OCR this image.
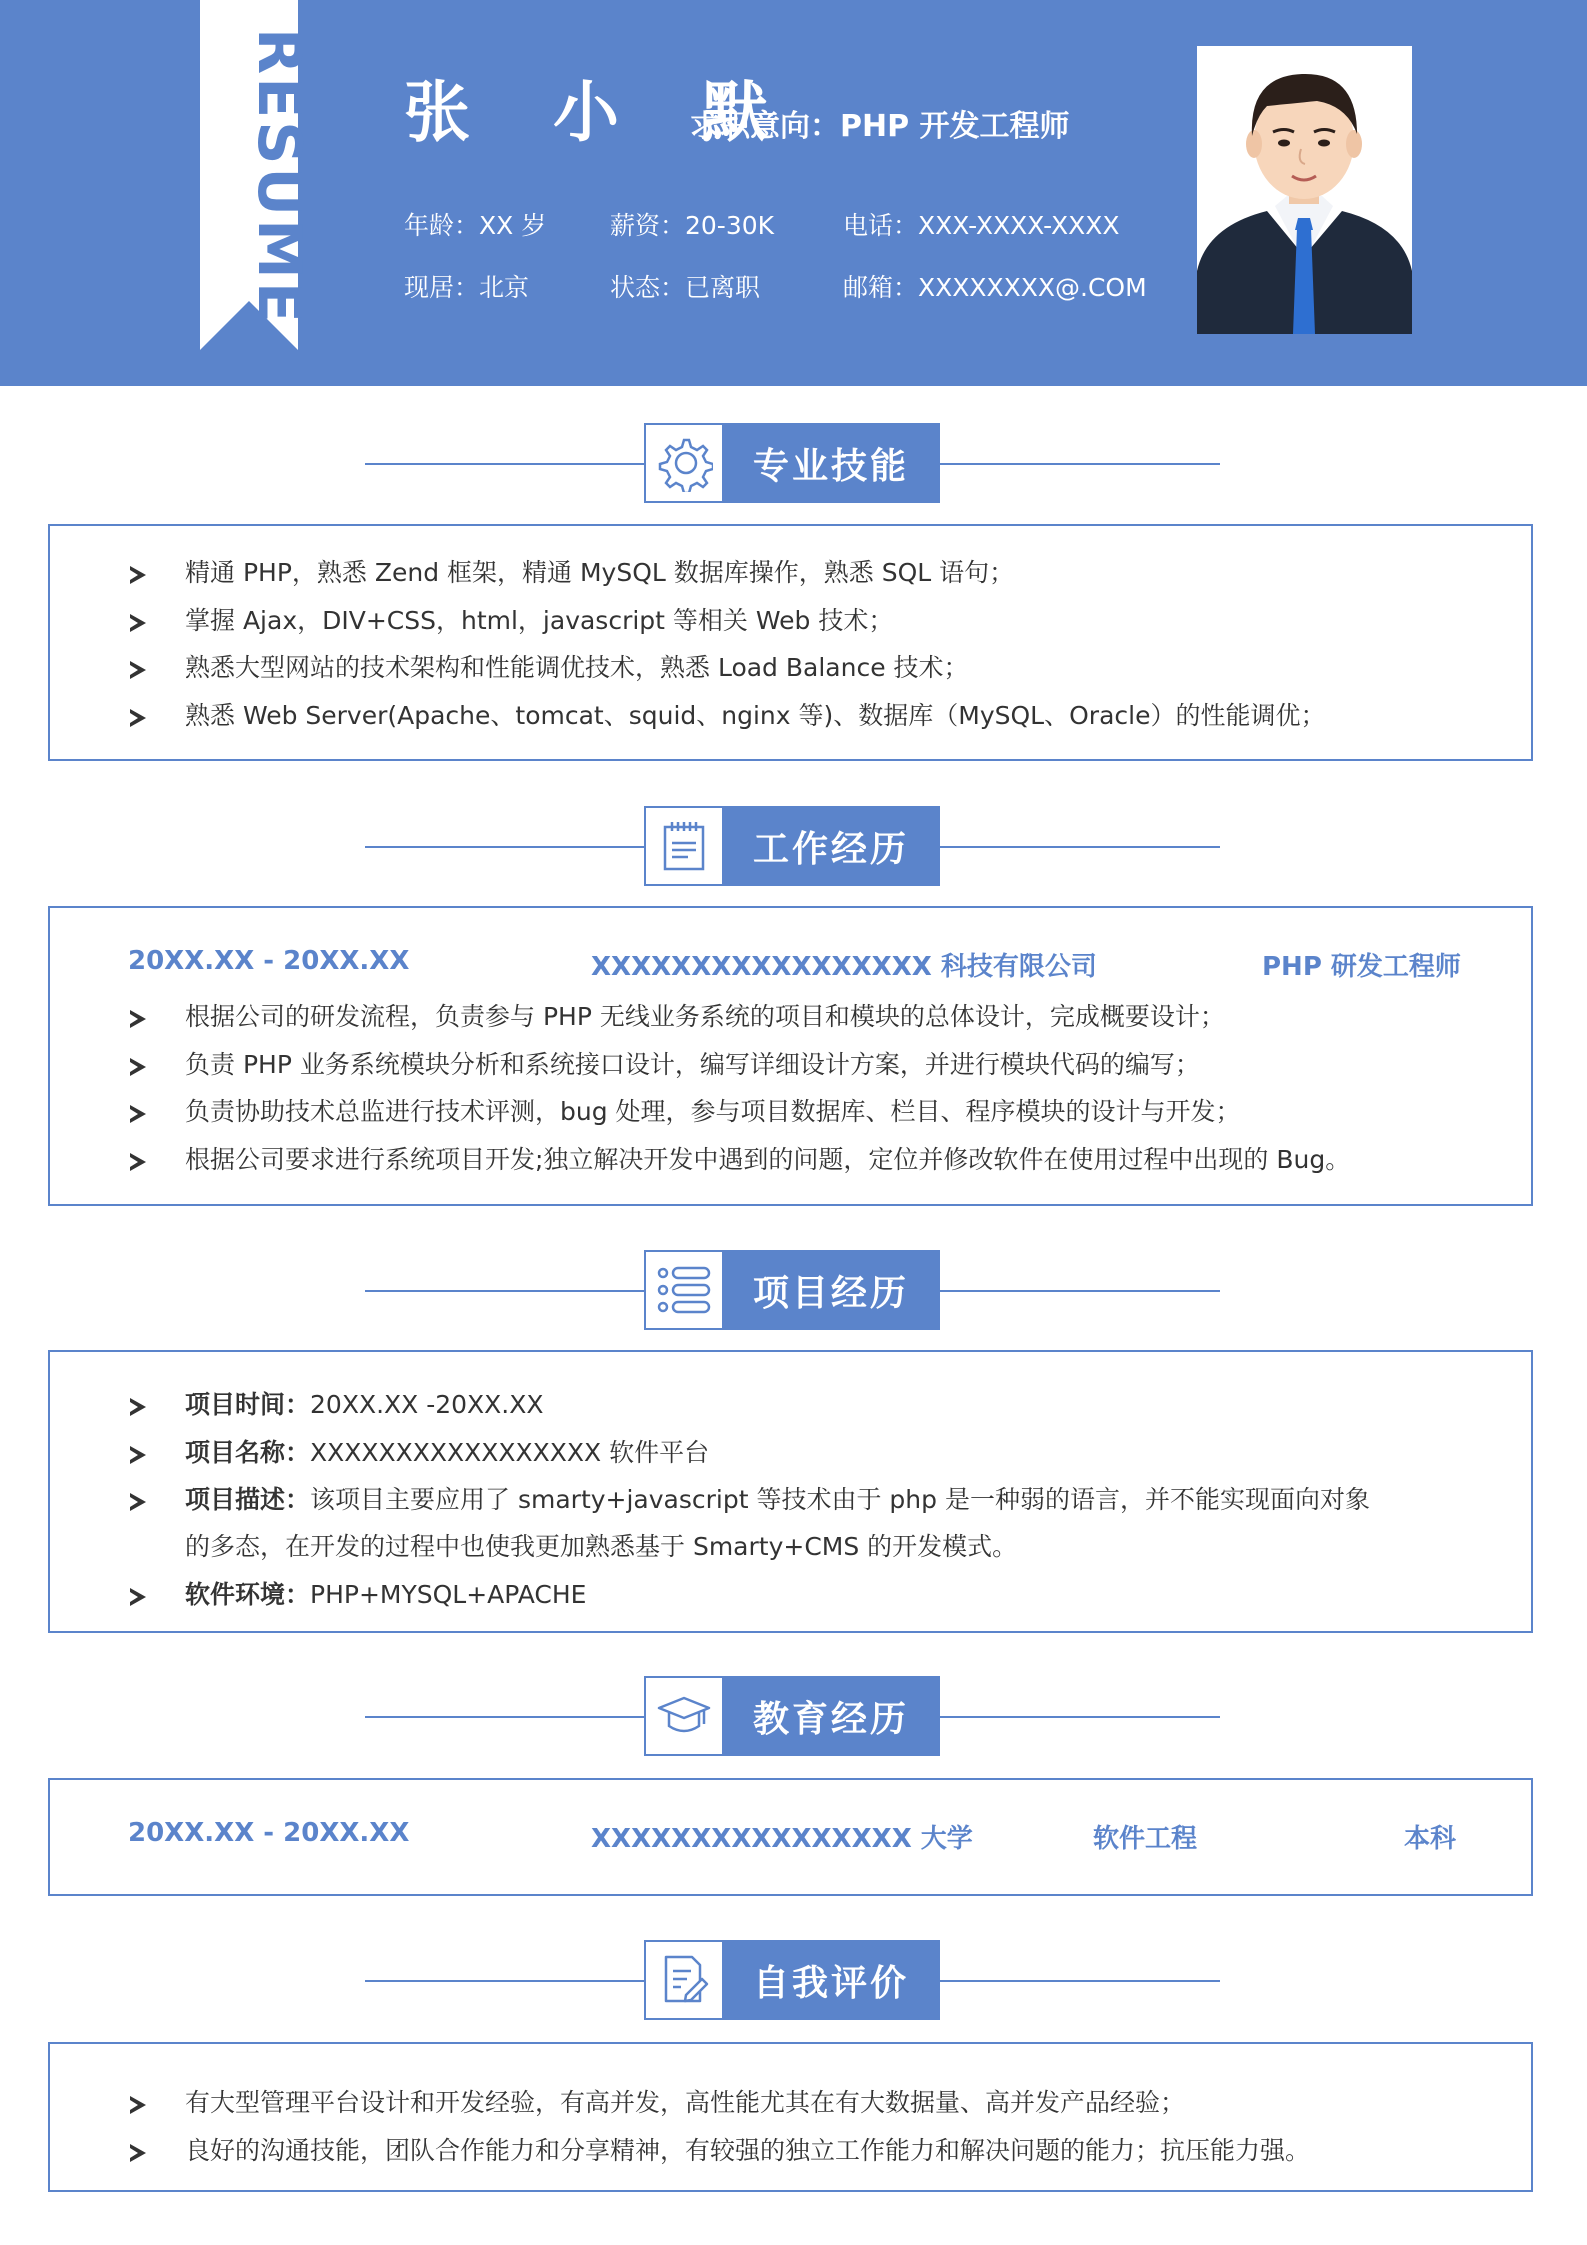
RESUME 张 小 默
求职意向：PHP 开发工程师
年龄：XX 岁	薪资：20-30K	电话：XXX-XXXX-XXXX
现居：北京	状态：已离职	邮箱：XXXXXXXX@.COM
专业技能
精通 PHP，熟悉 Zend 框架，精通 MySQL 数据库操作，熟悉 SQL 语句；
掌握 Ajax，DIV+CSS，html，javascript 等相关 Web 技术；
熟悉大型网站的技术架构和性能调优技术，熟悉 Load Balance 技术；
熟悉 Web Server(Apache、tomcat、squid、nginx 等)、数据库（MySQL、Oracle）的性能调优；
工作经历
20XX.XX - 20XX.XX	XXXXXXXXXXXXXXXXX 科技有限公司	PHP 研发工程师
根据公司的研发流程，负责参与 PHP 无线业务系统的项目和模块的总体设计，完成概要设计；
负责 PHP 业务系统模块分析和系统接口设计，编写详细设计方案，并进行模块代码的编写；
负责协助技术总监进行技术评测，bug 处理，参与项目数据库、栏目、程序模块的设计与开发；
根据公司要求进行系统项目开发;独立解决开发中遇到的问题，定位并修改软件在使用过程中出现的 Bug。
项目经历
项目时间：20XX.XX -20XX.XX
项目名称：XXXXXXXXXXXXXXXXX 软件平台
项目描述：该项目主要应用了 smarty+javascript 等技术由于 php 是一种弱的语言，并不能实现面向对象
的多态，在开发的过程中也使我更加熟悉基于 Smarty+CMS 的开发模式。
软件环境：PHP+MYSQL+APACHE
教育经历
20XX.XX - 20XX.XX	XXXXXXXXXXXXXXXX 大学	软件工程	本科
自我评价
有大型管理平台设计和开发经验，有高并发，高性能尤其在有大数据量、高并发产品经验；
良好的沟通技能，团队合作能力和分享精神，有较强的独立工作能力和解决问题的能力；抗压能力强。
